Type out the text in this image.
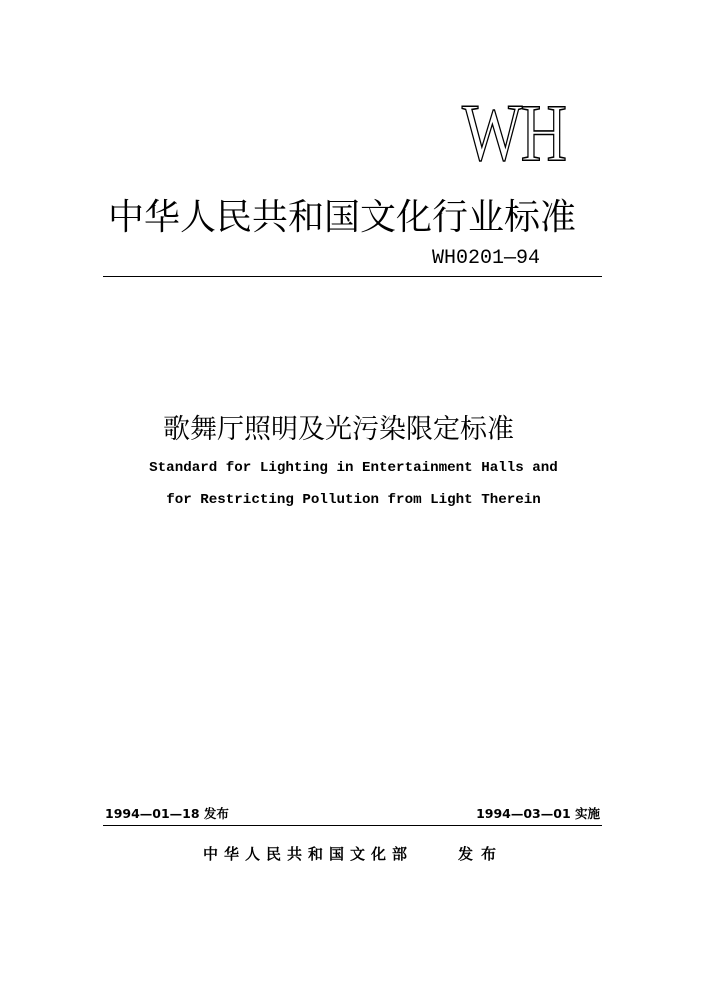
WH
中华人民共和国文化行业标准
WH0201—94
歌舞厅照明及光污染限定标准
Standard for Lighting in Entertainment Halls and
for Restricting Pollution from Light Therein
1994—01—18 发布	1994—03—01 实施
中华人民共和国文化部	发布
